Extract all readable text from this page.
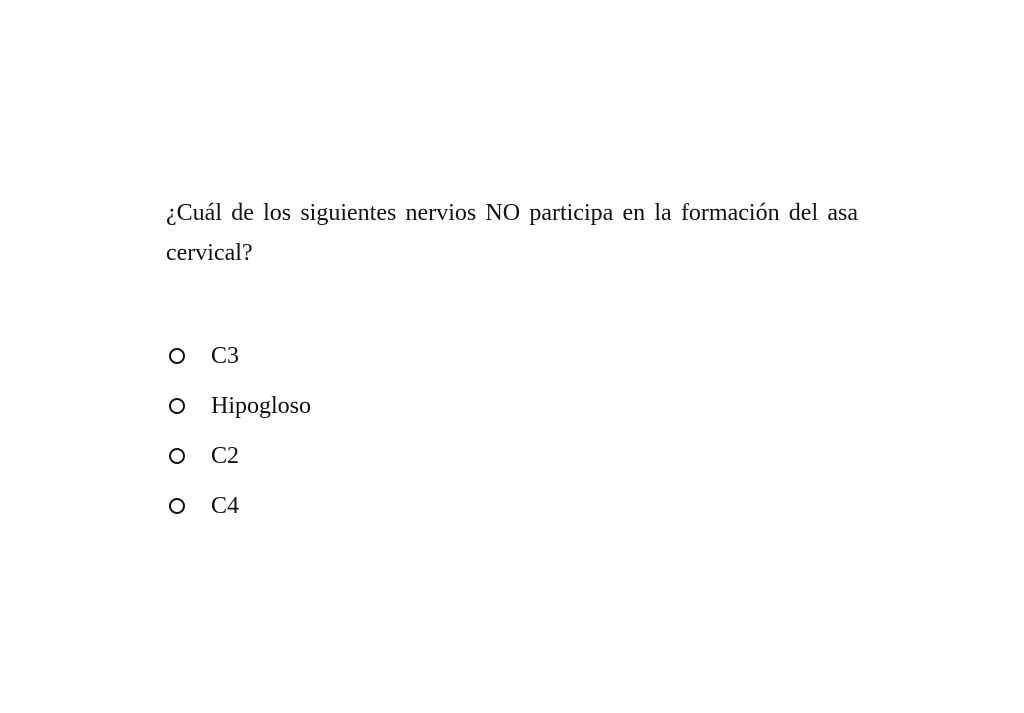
¿Cuál de los siguientes nervios NO participa en la formación del asa cervical?

C3
Hipogloso
C2
C4
